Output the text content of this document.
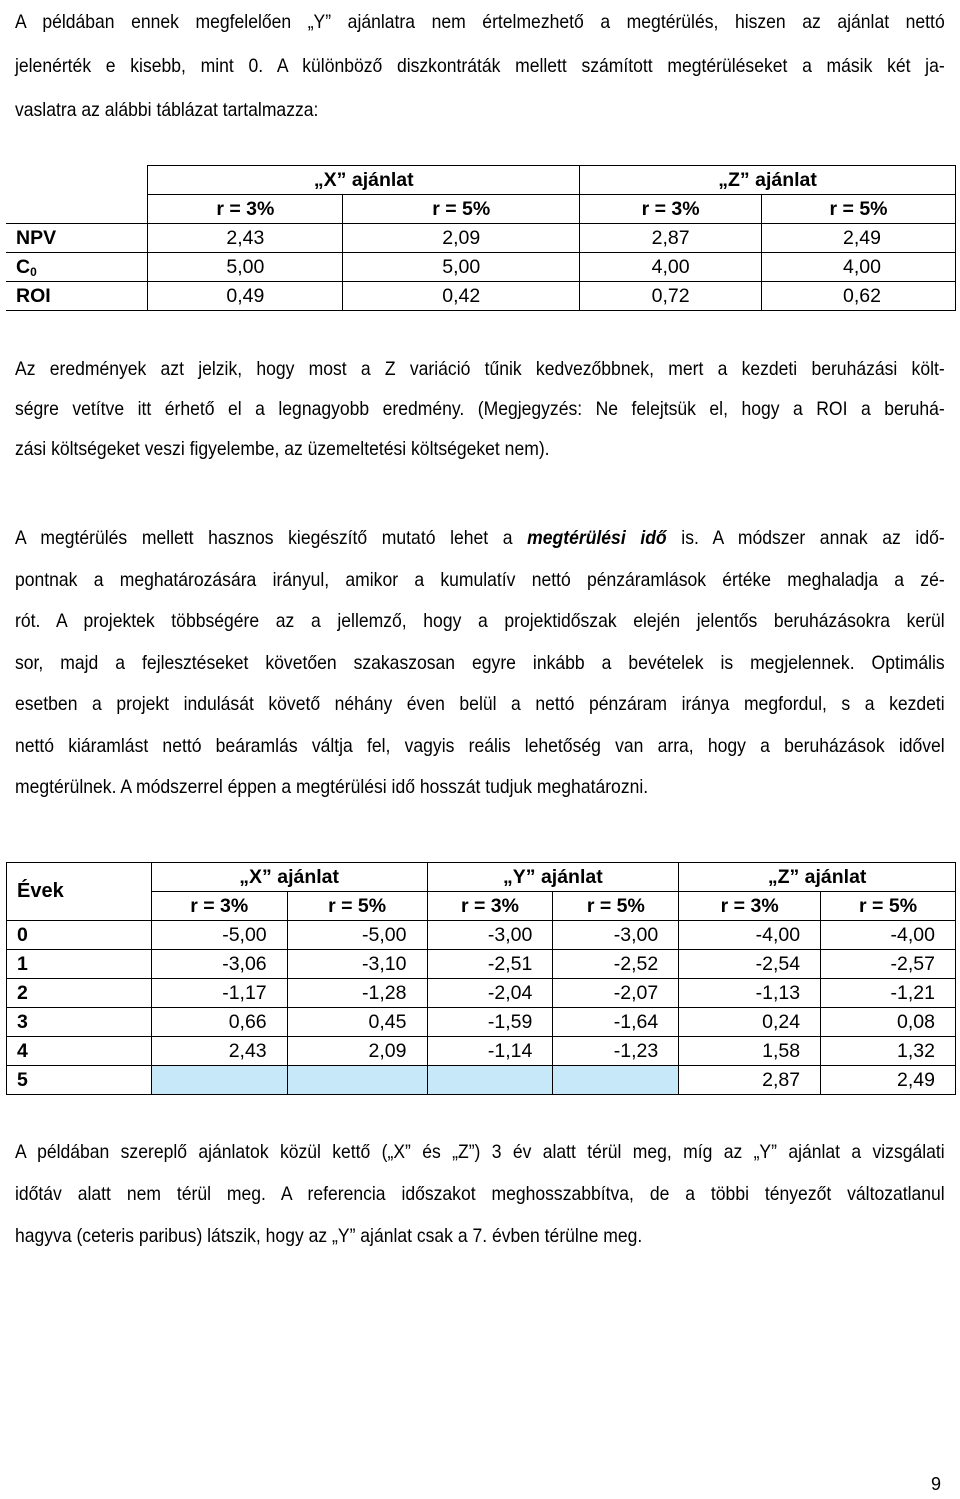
A példában ennek megfelelően „Y” ajánlatra nem értelmezhető a megtérülés, hiszen az ajánlat nettó
jelenérték e kisebb, mint 0. A különböző diszkontráták mellett számított megtérüléseket a másik két ja-
vaslatra az alábbi táblázat tartalmazza:
	„X” ajánlat		„Z” ajánlat	
	r = 3%	r = 5%	r = 3%	r = 5%
NPV	2,43	2,09	2,87	2,49
$C_0$	5,00	5,00	4,00	4,00
ROI	0,49	0,42	0,72	0,62
Az eredmények azt jelzik, hogy most a Z variáció tűnik kedvezőbbnek, mert a kezdeti beruházási költ-
ségre vetítve itt érhető el a legnagyobb eredmény. (Megjegyzés: Ne felejtsük el, hogy a ROI a beruhá-
zási költségeket veszi figyelembe, az üzemeltetési költségeket nem).
A megtérülés mellett hasznos kiegészítő mutató lehet a megtérülési idő is. A módszer annak az idő-
pontnak a meghatározására irányul, amikor a kumulatív nettó pénzáramlások értéke meghaladja a zé-
rót. A projektek többségére az a jellemző, hogy a projektidőszak elején jelentős beruházásokra kerül
sor, majd a fejlesztéseket követően szakaszosan egyre inkább a bevételek is megjelennek. Optimális
esetben a projekt indulását követő néhány éven belül a nettó pénzáram iránya megfordul, s a kezdeti
nettó kiáramlást nettó beáramlás váltja fel, vagyis reális lehetőség van arra, hogy a beruházások idővel
megtérülnek. A módszerrel éppen a megtérülési idő hosszát tudjuk meghatározni.
Évek	„X” ajánlat		„Y” ajánlat		„Z” ajánlat	
	r = 3%	r = 5%	r = 3%	r = 5%	r = 3%	r = 5%
0	-5,00	-5,00	-3,00	-3,00	-4,00	-4,00
1	-3,06	-3,10	-2,51	-2,52	-2,54	-2,57
2	-1,17	-1,28	-2,04	-2,07	-1,13	-1,21
3	0,66	0,45	-1,59	-1,64	0,24	0,08
4	2,43	2,09	-1,14	-1,23	1,58	1,32
5					2,87	2,49
A példában szereplő ajánlatok közül kettő („X” és „Z”) 3 év alatt térül meg, míg az „Y” ajánlat a vizsgálati
időtáv alatt nem térül meg. A referencia időszakot meghosszabbítva, de a többi tényezőt változatlanul
hagyva (ceteris paribus) látszik, hogy az „Y” ajánlat csak a 7. évben térülne meg.
9
